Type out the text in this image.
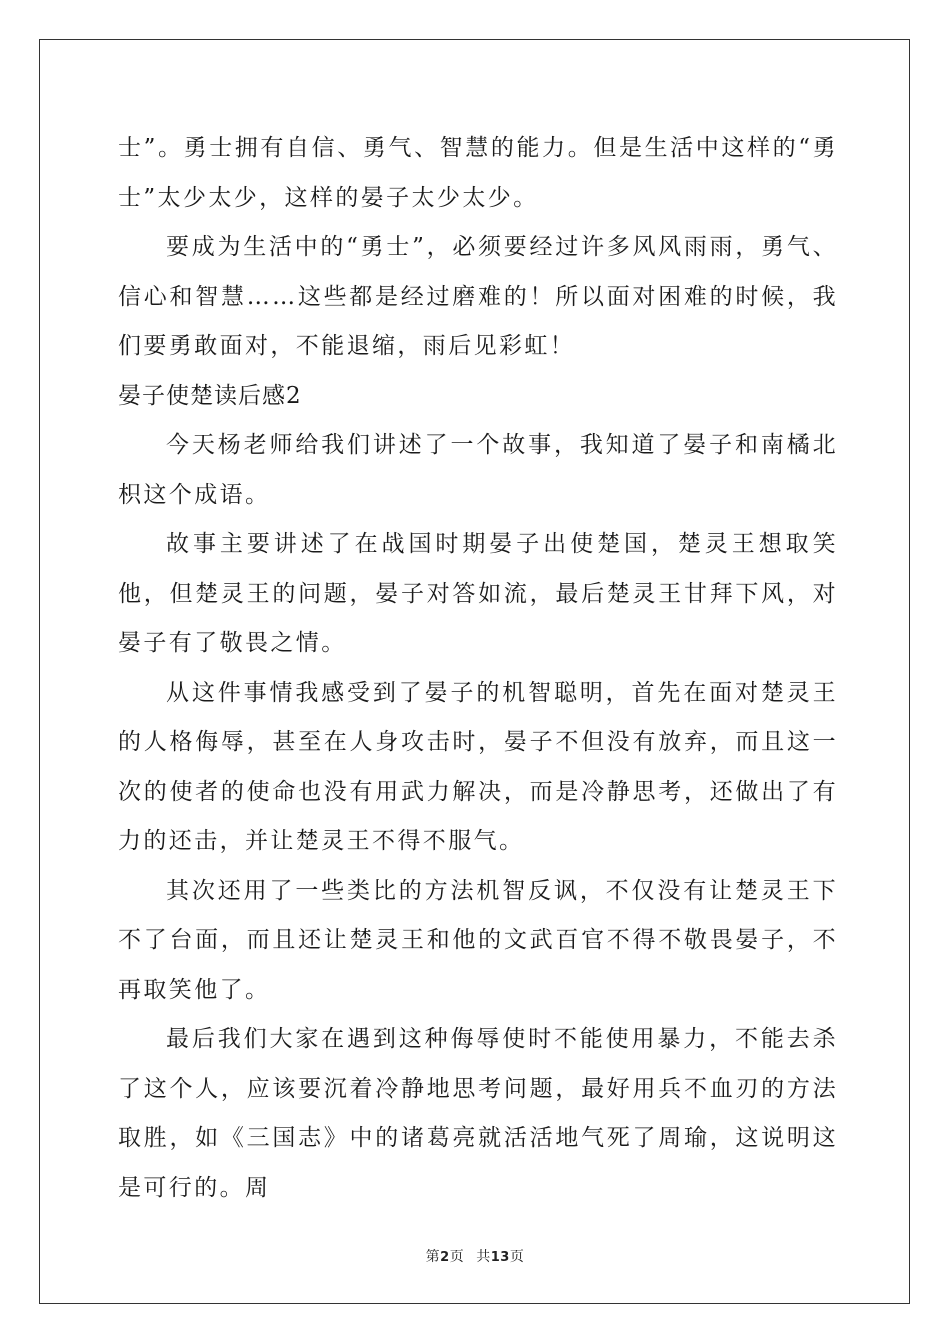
士”。勇士拥有自信、勇气、智慧的能力。但是生活中这样的“勇士”太少太少，这样的晏子太少太少。

要成为生活中的“勇士”，必须要经过许多风风雨雨，勇气、信心和智慧……这些都是经过磨难的！所以面对困难的时候，我们要勇敢面对，不能退缩，雨后见彩虹！

晏子使楚读后感2

今天杨老师给我们讲述了一个故事，我知道了晏子和南橘北枳这个成语。

故事主要讲述了在战国时期晏子出使楚国，楚灵王想取笑他，但楚灵王的问题，晏子对答如流，最后楚灵王甘拜下风，对晏子有了敬畏之情。

从这件事情我感受到了晏子的机智聪明，首先在面对楚灵王的人格侮辱，甚至在人身攻击时，晏子不但没有放弃，而且这一次的使者的使命也没有用武力解决，而是冷静思考，还做出了有力的还击，并让楚灵王不得不服气。

其次还用了一些类比的方法机智反讽，不仅没有让楚灵王下不了台面，而且还让楚灵王和他的文武百官不得不敬畏晏子，不再取笑他了。

最后我们大家在遇到这种侮辱使时不能使用暴力，不能去杀了这个人，应该要沉着冷静地思考问题，最好用兵不血刃的方法取胜，如《三国志》中的诸葛亮就活活地气死了周瑜，这说明这是可行的。周

第2页 共13页
